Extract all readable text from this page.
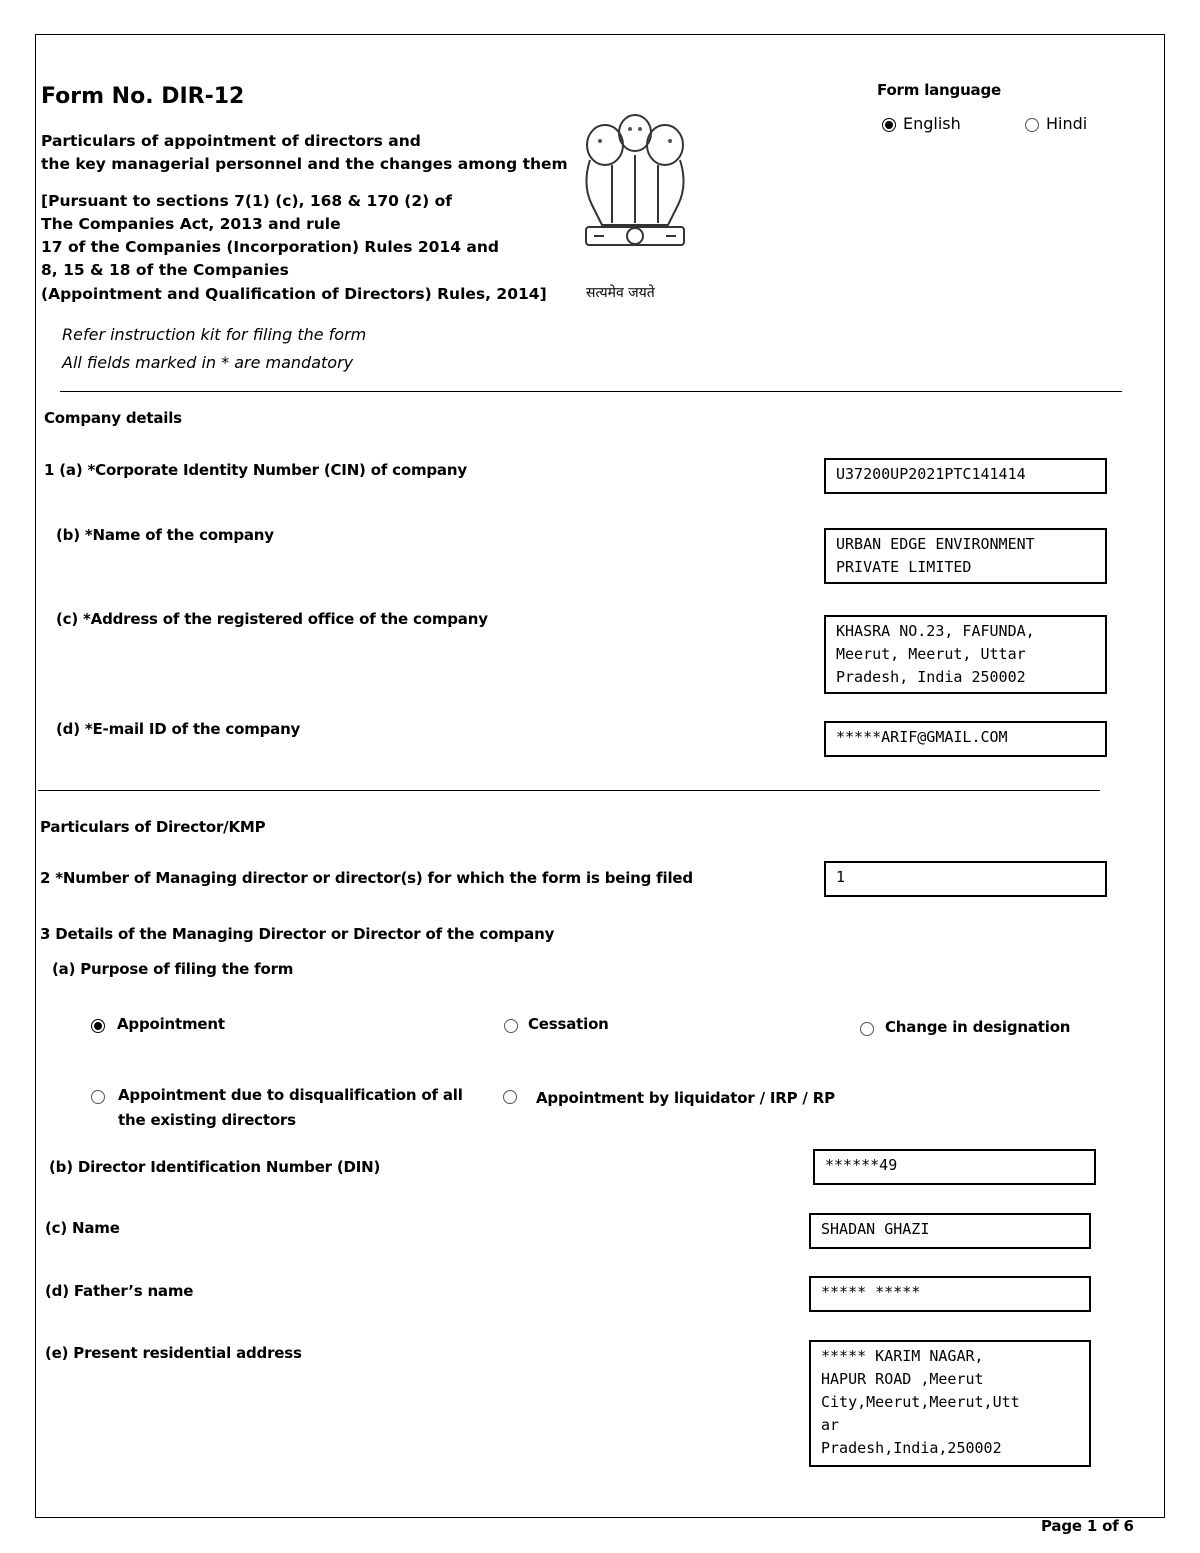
Form No. DIR-12
Particulars of appointment of directors and
the key managerial personnel and the changes among them
[Pursuant to sections 7(1) (c), 168 & 170 (2) of
The Companies Act, 2013 and rule
17 of the Companies (Incorporation) Rules 2014 and
8, 15 & 18 of the Companies
(Appointment and Qualification of Directors) Rules, 2014]	सत्यमेव जयते
Refer instruction kit for filing the form
All fields marked in * are mandatory
Form language
English	Hindi
Company details
1 (a) *Corporate Identity Number (CIN) of company	U37200UP2021PTC141414
(b) *Name of the company	URBAN EDGE ENVIRONMENT
PRIVATE LIMITED
(c) *Address of the registered office of the company
KHASRA NO.23, FAFUNDA,
Meerut, Meerut, Uttar
Pradesh, India 250002
(d) *E-mail ID of the company	*****ARIF@GMAIL.COM
Particulars of Director/KMP
2 *Number of Managing director or director(s) for which the form is being filed	1
3 Details of the Managing Director or Director of the company
(a) Purpose of filing the form
Appointment	Cessation	Change in designation
Appointment due to disqualification of all
the existing directors
Appointment by liquidator / IRP / RP
(b) Director Identification Number (DIN)	******49
(c) Name	SHADAN GHAZI
(d) Father’s name	***** *****
(e) Present residential address	***** KARIM NAGAR,
HAPUR ROAD ,Meerut
City,Meerut,Meerut,Utt
ar
Pradesh,India,250002
Page 1 of 6
